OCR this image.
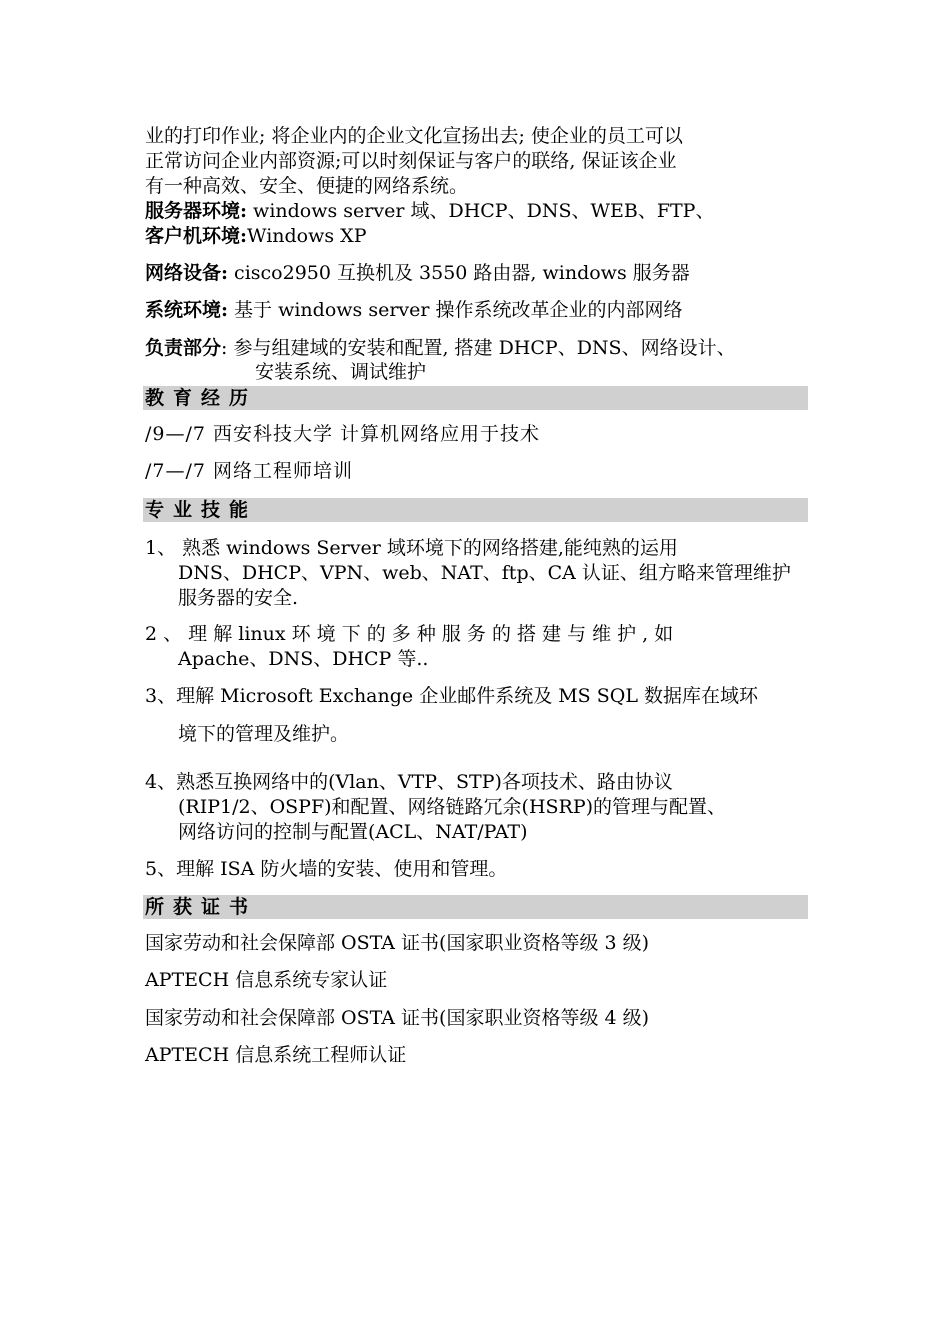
业的打印作业; 将企业内的企业文化宣扬出去; 使企业的员工可以
正常访问企业内部资源;可以时刻保证与客户的联络, 保证该企业
有一种高效、安全、便捷的网络系统。
服务器环境: windows server 域、DHCP、DNS、WEB、FTP、
客户机环境:Windows XP
网络设备: cisco2950 互换机及 3550 路由器, windows 服务器
系统环境: 基于 windows server 操作系统改革企业的内部网络
负责部分: 参与组建域的安装和配置, 搭建 DHCP、DNS、网络设计、
安装系统、调试维护
教育经历
/9—/7 西安科技大学 计算机网络应用于技术
/7—/7 网络工程师培训
专业技能
1、 熟悉 windows Server 域环境下的网络搭建,能纯熟的运用
DNS、DHCP、VPN、web、NAT、ftp、CA 认证、组方略来管理维护
服务器的安全.
2 、 理 解 linux 环 境 下 的 多 种 服 务 的 搭 建 与 维 护 , 如
Apache、DNS、DHCP 等..
3、理解 Microsoft Exchange 企业邮件系统及 MS SQL 数据库在域环
境下的管理及维护。
4、熟悉互换网络中的(Vlan、VTP、STP)各项技术、路由协议
(RIP1/2、OSPF)和配置、网络链路冗余(HSRP)的管理与配置、
网络访问的控制与配置(ACL、NAT/PAT)
5、理解 ISA 防火墙的安装、使用和管理。
所获证书
国家劳动和社会保障部 OSTA 证书(国家职业资格等级 3 级)
APTECH 信息系统专家认证
国家劳动和社会保障部 OSTA 证书(国家职业资格等级 4 级)
APTECH 信息系统工程师认证
